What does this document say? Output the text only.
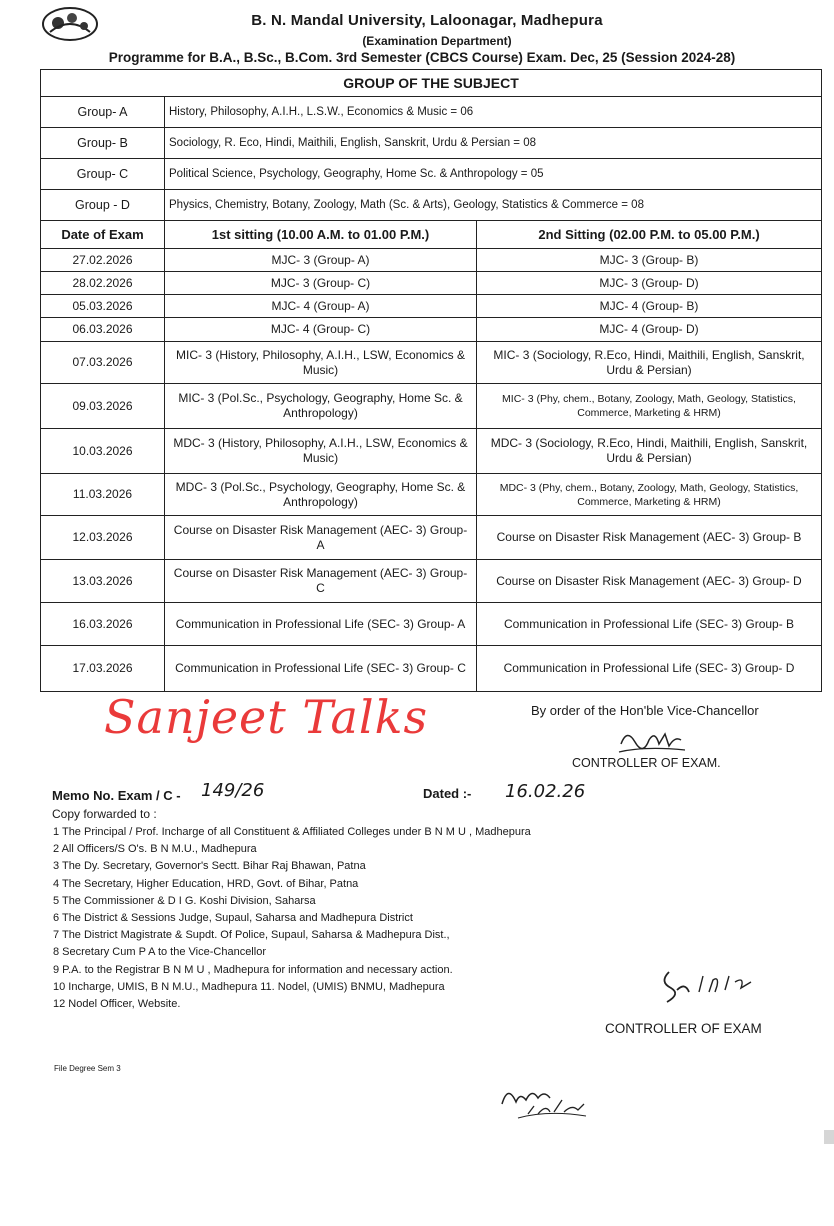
B. N. Mandal University, Laloonagar, Madhepura
(Examination Department)
Programme for B.A., B.Sc., B.Com. 3rd Semester (CBCS Course) Exam. Dec, 25 (Session 2024-28)
GROUP OF THE SUBJECT		
Group- A	History, Philosophy, A.I.H., L.S.W., Economics & Music = 06	
Group- B	Sociology, R. Eco, Hindi, Maithili, English, Sanskrit, Urdu & Persian = 08	
Group- C	Political Science, Psychology, Geography, Home Sc. & Anthropology = 05	
Group - D	Physics, Chemistry, Botany, Zoology, Math (Sc. & Arts), Geology, Statistics & Commerce = 08	
Date of Exam	1st sitting (10.00 A.M. to 01.00 P.M.)	2nd Sitting (02.00 P.M. to 05.00 P.M.)
27.02.2026	MJC- 3 (Group- A)	MJC- 3 (Group- B)
28.02.2026	MJC- 3 (Group- C)	MJC- 3 (Group- D)
05.03.2026	MJC- 4 (Group- A)	MJC- 4 (Group- B)
06.03.2026	MJC- 4 (Group- C)	MJC- 4 (Group- D)
07.03.2026	MIC- 3 (History, Philosophy, A.I.H., LSW, Economics & Music)	MIC- 3 (Sociology, R.Eco, Hindi, Maithili, English, Sanskrit, Urdu & Persian)
09.03.2026	MIC- 3 (Pol.Sc., Psychology, Geography, Home Sc. & Anthropology)	MIC- 3 (Phy, chem., Botany, Zoology, Math, Geology, Statistics, Commerce, Marketing & HRM)
10.03.2026	MDC- 3 (History, Philosophy, A.I.H., LSW, Economics & Music)	MDC- 3 (Sociology, R.Eco, Hindi, Maithili, English, Sanskrit, Urdu & Persian)
11.03.2026	MDC- 3 (Pol.Sc., Psychology, Geography, Home Sc. & Anthropology)	MDC- 3 (Phy, chem., Botany, Zoology, Math, Geology, Statistics, Commerce, Marketing & HRM)
12.03.2026	Course on Disaster Risk Management (AEC- 3) Group- A	Course on Disaster Risk Management (AEC- 3) Group- B
13.03.2026	Course on Disaster Risk Management (AEC- 3) Group- C	Course on Disaster Risk Management (AEC- 3) Group- D
16.03.2026	Communication in Professional Life (SEC- 3) Group- A	Communication in Professional Life (SEC- 3) Group- B
17.03.2026	Communication in Professional Life (SEC- 3) Group- C	Communication in Professional Life (SEC- 3) Group- D
Sanjeet Talks	By order of the Hon'ble Vice-Chancellor
CONTROLLER OF EXAM.
Memo No. Exam / C - 149/26	Dated :- 16.02.26
Copy forwarded to :
1 The Principal / Prof. Incharge of all Constituent & Affiliated Colleges under B N M U , Madhepura
2 All Officers/S O's. B N M.U., Madhepura
3 The Dy. Secretary, Governor's Sectt. Bihar Raj Bhawan, Patna
4 The Secretary, Higher Education, HRD, Govt. of Bihar, Patna
5 The Commissioner & D I G. Koshi Division, Saharsa
6 The District & Sessions Judge, Supaul, Saharsa and Madhepura District
7 The District Magistrate & Supdt. Of Police, Supaul, Saharsa & Madhepura Dist.,
8 Secretary Cum P A to the Vice-Chancellor
9 P.A. to the Registrar B N M U , Madhepura for information and necessary action.
10 Incharge, UMIS, B N M.U., Madhepura 11. Nodel, (UMIS) BNMU, Madhepura
12 Nodel Officer, Website.
CONTROLLER OF EXAM
File Degree Sem 3
